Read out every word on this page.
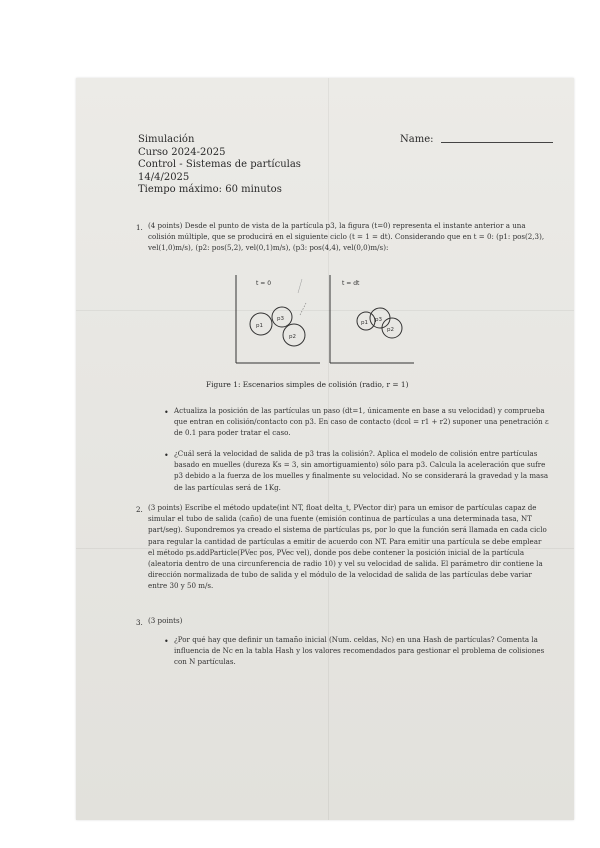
Simulación
Curso 2024-2025
Control - Sistemas de partículas
14/4/2025
Tiempo máximo: 60 minutos
Name:
1. (4 points) Desde el punto de vista de la partícula p3, la figura (t=0) representa el instante anterior a una colisión múltiple, que se producirá en el siguiente ciclo (t = 1 = dt). Considerando que en t = 0: (p1: pos(2,3), vel(1,0)m/s), (p2: pos(5,2), vel(0,1)m/s), (p3: pos(4,4), vel(0,0)m/s):
t = 0
p1
p3
p2
t = dt
p1 p3
p2
Figure 1: Escenarios simples de colisión (radio, r = 1)
• Actualiza la posición de las partículas un paso (dt=1, únicamente en base a su velocidad) y comprueba que entran en colisión/contacto con p3. En caso de contacto (dcol = r1 + r2) suponer una penetración ε de 0.1 para poder tratar el caso.
• ¿Cuál será la velocidad de salida de p3 tras la colisión?. Aplica el modelo de colisión entre partículas basado en muelles (dureza Ks = 3, sin amortiguamiento) sólo para p3. Calcula la aceleración que sufre p3 debido a la fuerza de los muelles y finalmente su velocidad. No se considerará la gravedad y la masa de las partículas será de 1Kg.
2. (3 points) Escribe el método update(int NT, float delta_t, PVector dir) para un emisor de partículas capaz de simular el tubo de salida (caño) de una fuente (emisión continua de partículas a una determinada tasa, NT part/seg). Supondremos ya creado el sistema de partículas ps, por lo que la función será llamada en cada ciclo para regular la cantidad de partículas a emitir de acuerdo con NT. Para emitir una partícula se debe emplear el método ps.addParticle(PVec pos, PVec vel), donde pos debe contener la posición inicial de la partícula (aleatoria dentro de una circunferencia de radio 10) y vel su velocidad de salida. El parámetro dir contiene la dirección normalizada de tubo de salida y el módulo de la velocidad de salida de las partículas debe variar entre 30 y 50 m/s.
3. (3 points)
• ¿Por qué hay que definir un tamaño inicial (Num. celdas, Nc) en una Hash de partículas? Comenta la influencia de Nc en la tabla Hash y los valores recomendados para gestionar el problema de colisiones con N partículas.
